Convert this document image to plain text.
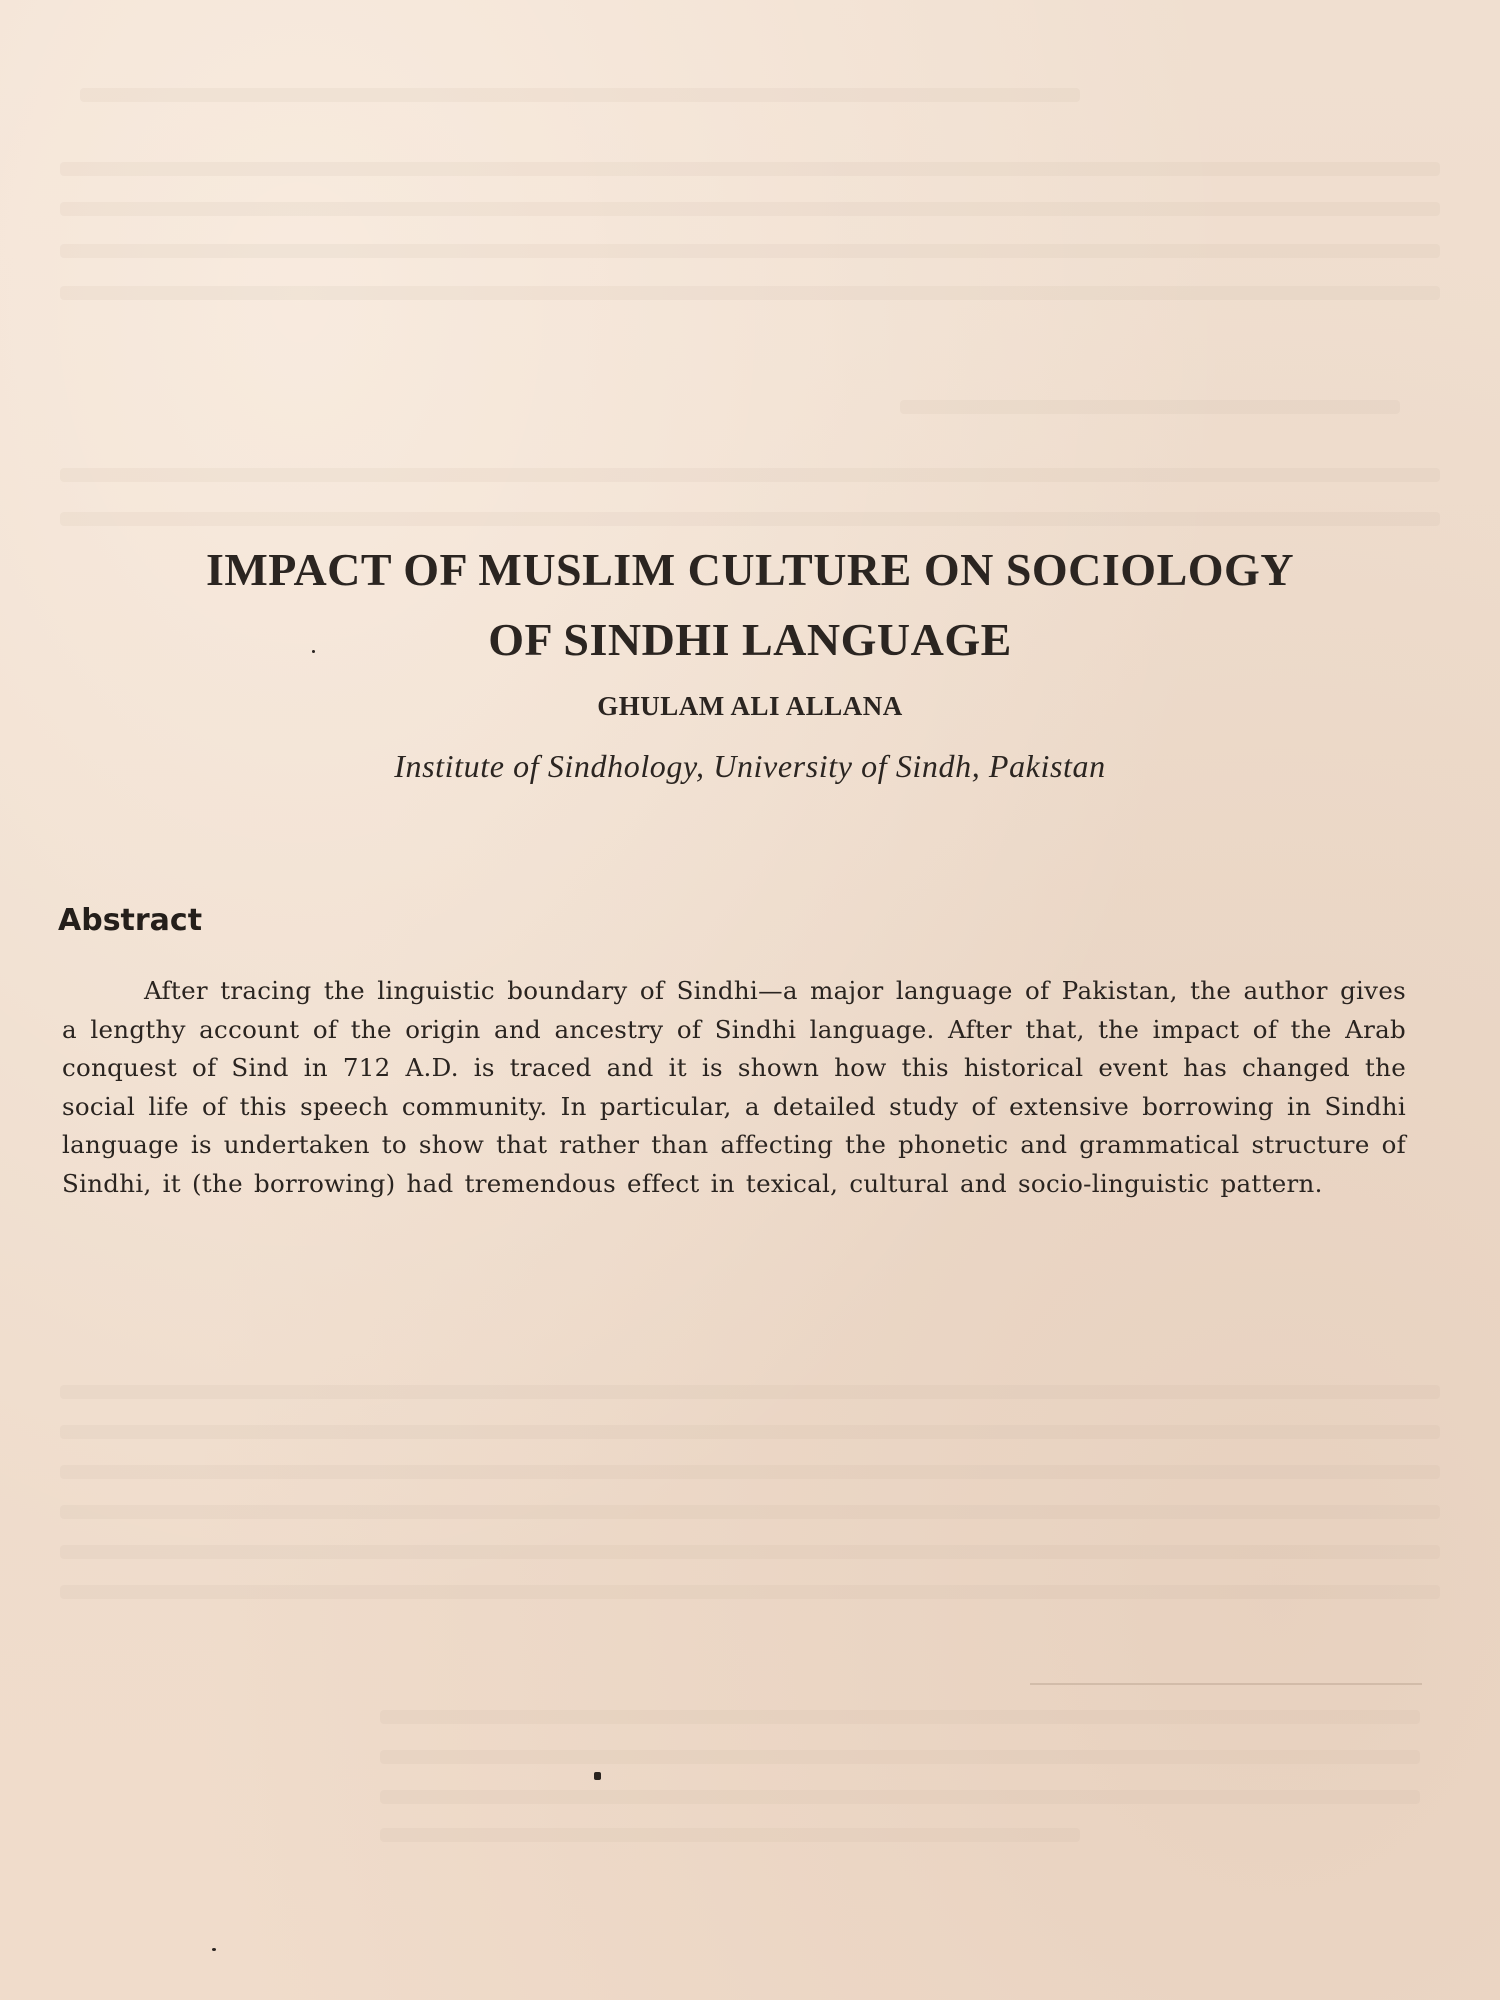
IMPACT OF MUSLIM CULTURE ON SOCIOLOGY
OF SINDHI LANGUAGE
GHULAM ALI ALLANA
Institute of Sindhology, University of Sindh, Pakistan
Abstract
After tracing the linguistic boundary of Sindhi—a major language of Pakistan, the author gives a lengthy account of the origin and ancestry of Sindhi language. After that, the impact of the Arab conquest of Sind in 712 A.D. is traced and it is shown how this historical event has changed the social life of this speech community. In particular, a detailed study of extensive borrowing in Sindhi language is undertaken to show that rather than affecting the phonetic and grammatical structure of Sindhi, it (the borrowing) had tremendous effect in texical, cultural and socio-linguistic pattern.
